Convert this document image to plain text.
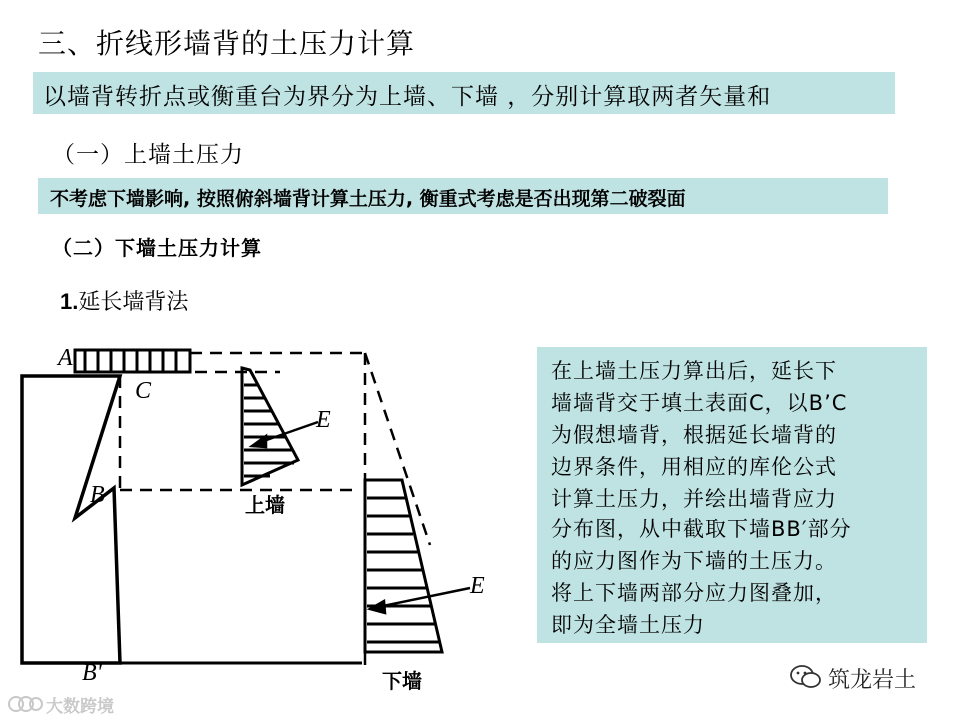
三、折线形墙背的土压力计算
以墙背转折点或衡重台为界分为上墙、下墙 ，分别计算取两者矢量和
（一）上墙土压力
不考虑下墙影响, 按照俯斜墙背计算土压力, 衡重式考虑是否出现第二破裂面
（二）下墙土压力计算
1.延长墙背法
A
C
B
B'
E
E
上墙
下墙
在上墙土压力算出后，延长下
墙墙背交于填土表面C，以B’C
为假想墙背，根据延长墙背的
边界条件，用相应的库伦公式
计算土压力，并绘出墙背应力
分布图，从中截取下墙BB′部分
的应力图作为下墙的土压力。
将上下墙两部分应力图叠加，
即为全墙土压力
筑龙岩土
大数跨境
